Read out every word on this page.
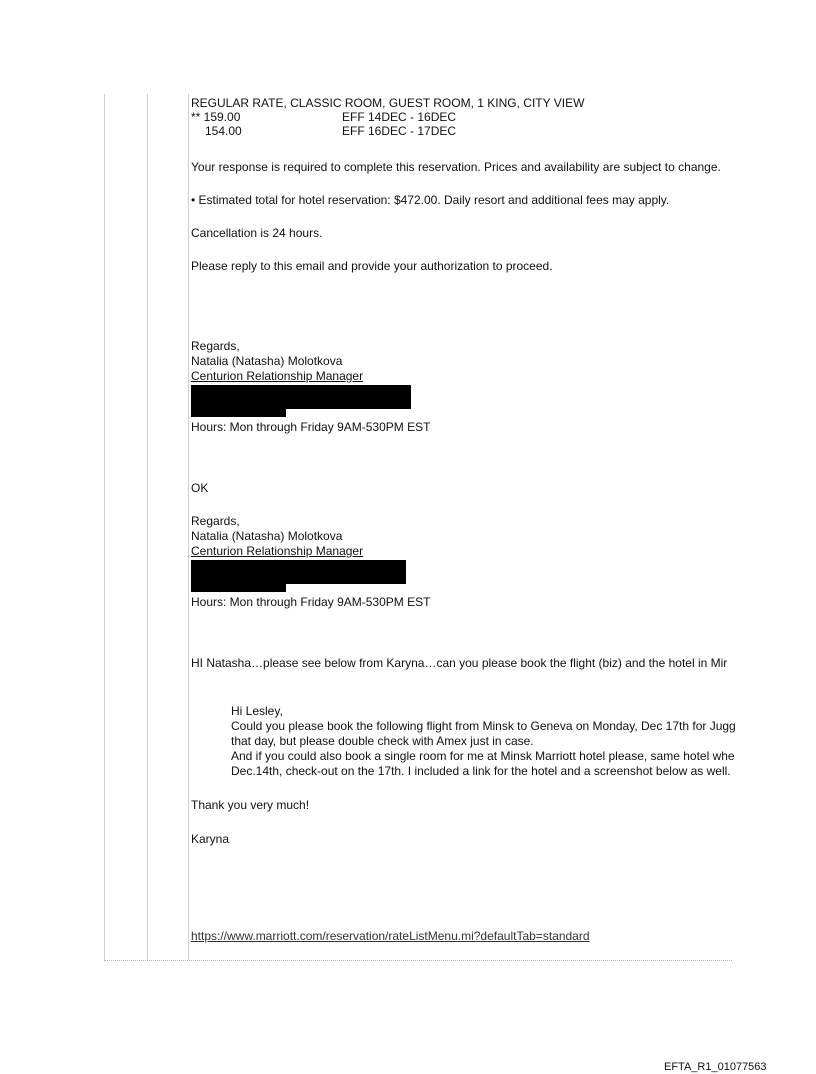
REGULAR RATE, CLASSIC ROOM, GUEST ROOM, 1 KING, CITY VIEW
** 159.00	EFF 14DEC - 16DEC
154.00	EFF 16DEC - 17DEC
Your response is required to complete this reservation. Prices and availability are subject to change.
• Estimated total for hotel reservation: $472.00. Daily resort and additional fees may apply.
Cancellation is 24 hours.
Please reply to this email and provide your authorization to proceed.
Regards,
Natalia (Natasha) Molotkova
Centurion Relationship Manager
Hours: Mon through Friday 9AM-530PM EST
OK
Regards,
Natalia (Natasha) Molotkova
Centurion Relationship Manager
Hours: Mon through Friday 9AM-530PM EST
HI Natasha…please see below from Karyna…can you please book the flight (biz) and the hotel in Mir
Hi Lesley,
Could you please book the following flight from Minsk to Geneva on Monday, Dec 17th for Jugg
that day, but please double check with Amex just in case.
And if you could also book a single room for me at Minsk Marriott hotel please, same hotel whe
Dec.14th, check-out on the 17th. I included a link for the hotel and a screenshot below as well.
Thank you very much!
Karyna
https://www.marriott.com/reservation/rateListMenu.mi?defaultTab=standard
EFTA_R1_01077563
